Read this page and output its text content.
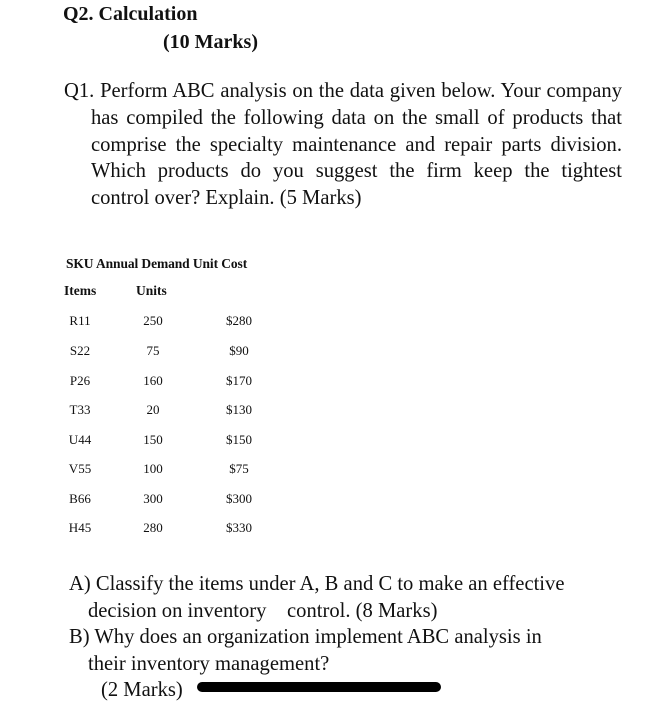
Q2. Calculation
(10 Marks)
Q1. Perform ABC analysis on the data given below. Your company has compiled the following data on the small of products that comprise the specialty maintenance and repair parts division. Which products do you suggest the firm keep the tightest control over? Explain. (5 Marks)
SKU Annual Demand Unit Cost
Items	Units
R11	250	$280
S22	75	$90
P26	160	$170
T33	20	$130
U44	150	$150
V55	100	$75
B66	300	$300
H45	280	$330
A) Classify the items under A, B and C to make an effective
decision on inventory    control. (8 Marks)
B) Why does an organization implement ABC analysis in
their inventory management?
(2 Marks)
